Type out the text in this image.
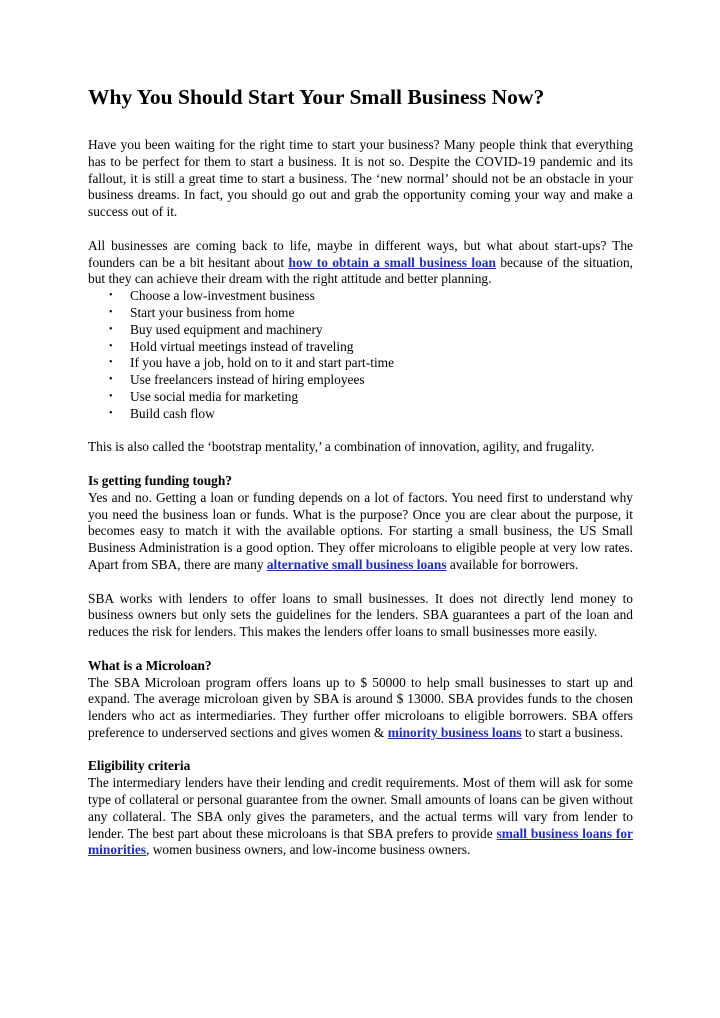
Why You Should Start Your Small Business Now?

Have you been waiting for the right time to start your business? Many people think that everything has to be perfect for them to start a business. It is not so. Despite the COVID-19 pandemic and its fallout, it is still a great time to start a business. The ‘new normal’ should not be an obstacle in your business dreams. In fact, you should go out and grab the opportunity coming your way and make a success out of it.

All businesses are coming back to life, maybe in different ways, but what about start-ups? The founders can be a bit hesitant about how to obtain a small business loan because of the situation, but they can achieve their dream with the right attitude and better planning.

• Choose a low-investment business
• Start your business from home
• Buy used equipment and machinery
• Hold virtual meetings instead of traveling
• If you have a job, hold on to it and start part-time
• Use freelancers instead of hiring employees
• Use social media for marketing
• Build cash flow

This is also called the ‘bootstrap mentality,’ a combination of innovation, agility, and frugality.

Is getting funding tough?

Yes and no. Getting a loan or funding depends on a lot of factors. You need first to understand why you need the business loan or funds. What is the purpose? Once you are clear about the purpose, it becomes easy to match it with the available options. For starting a small business, the US Small Business Administration is a good option. They offer microloans to eligible people at very low rates. Apart from SBA, there are many alternative small business loans available for borrowers.

SBA works with lenders to offer loans to small businesses. It does not directly lend money to business owners but only sets the guidelines for the lenders. SBA guarantees a part of the loan and reduces the risk for lenders. This makes the lenders offer loans to small businesses more easily.

What is a Microloan?

The SBA Microloan program offers loans up to $ 50000 to help small businesses to start up and expand. The average microloan given by SBA is around $ 13000. SBA provides funds to the chosen lenders who act as intermediaries. They further offer microloans to eligible borrowers. SBA offers preference to underserved sections and gives women & minority business loans to start a business.

Eligibility criteria

The intermediary lenders have their lending and credit requirements. Most of them will ask for some type of collateral or personal guarantee from the owner. Small amounts of loans can be given without any collateral. The SBA only gives the parameters, and the actual terms will vary from lender to lender. The best part about these microloans is that SBA prefers to provide small business loans for minorities, women business owners, and low-income business owners.
